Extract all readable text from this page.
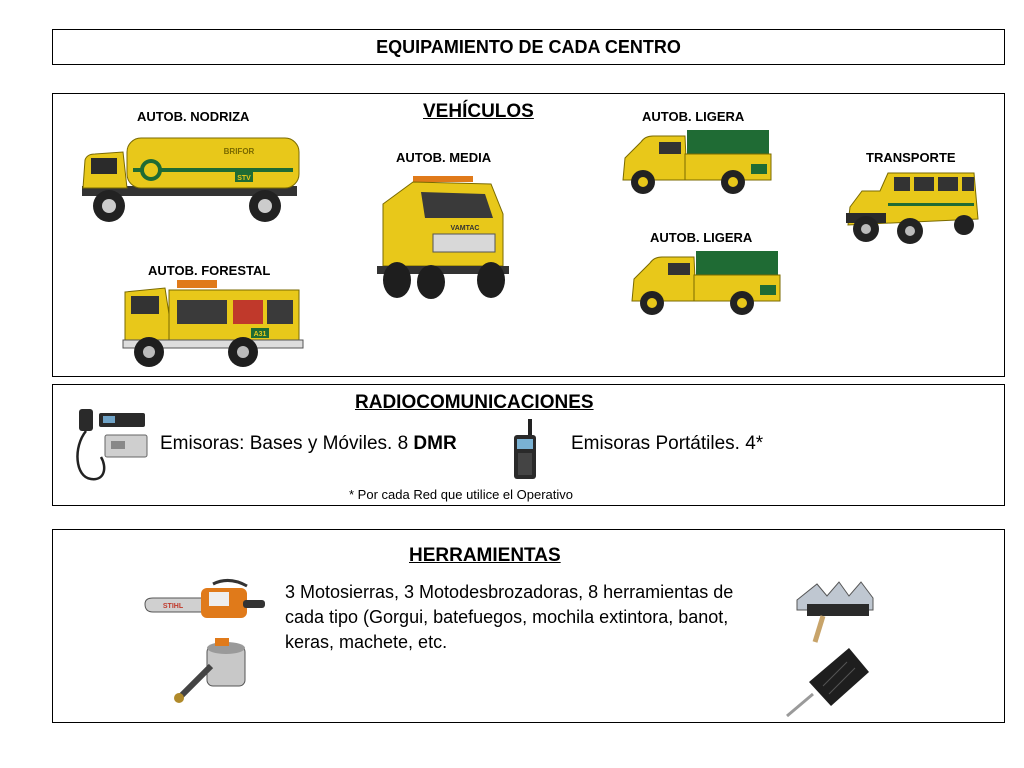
EQUIPAMIENTO DE CADA CENTRO
VEHÍCULOS
AUTOB. NODRIZA
AUTOB. MEDIA
AUTOB. LIGERA
TRANSPORTE
AUTOB. LIGERA
AUTOB. FORESTAL
STV
BRIFOR
VAMTAC
A31
RADIOCOMUNICACIONES
Emisoras: Bases y Móviles. 8 DMR	Emisoras Portátiles. 4*
* Por cada Red que utilice el Operativo
HERRAMIENTAS
STIHL
3 Motosierras, 3 Motodesbrozadoras, 8 herramientas de cada tipo (Gorgui, batefuegos, mochila extintora, banot, keras, machete, etc.
